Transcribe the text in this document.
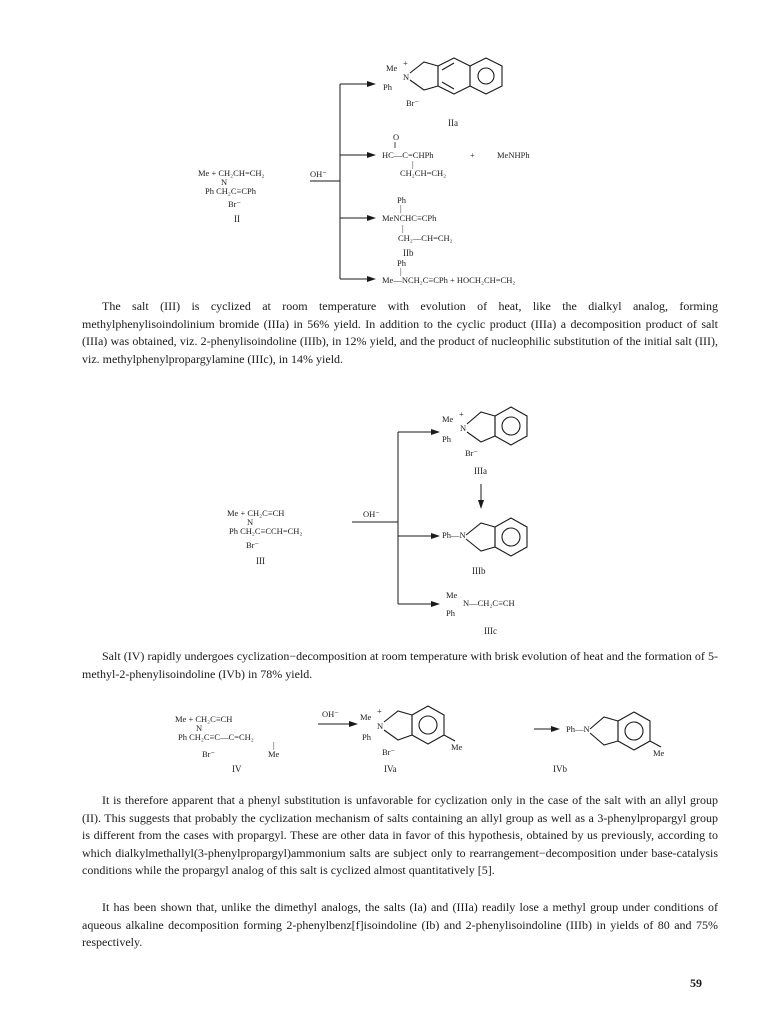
Me + CH₂CH=CH₂
N
Ph CH₂C≡CPh
Br⁻
II
OH⁻
Me +
N
Ph
Br⁻
IIa
O
‖
HC—C=CHPh	+	MeNHPh
|
CH₂CH=CH₂
Ph
|
MeNCHC≡CPh
|
CH₂—CH=CH₂
IIb
Ph
|
Me—NCH₂C≡CPh + HOCH₂CH=CH₂
The salt (III) is cyclized at room temperature with evolution of heat, like the dialkyl analog, forming methylphenylisoindolinium bromide (IIIa) in 56% yield. In addition to the cyclic product (IIIa) a decomposition product of salt (IIIa) was obtained, viz. 2-phenylisoindoline (IIIb), in 12% yield, and the product of nucleophilic substitution of the initial salt (III), viz. methylphenylpropargylamine (IIIc), in 14% yield.
Me + CH₂C≡CH
N
Ph CH₂C≡CCH=CH₂
Br⁻
III
OH⁻
Me +
N
Ph
Br⁻
IIIa
Ph—N
IIIb
Me
N—CH₂C≡CH
Ph
IIIc
Salt (IV) rapidly undergoes cyclization−decomposition at room temperature with brisk evolution of heat and the formation of 5-methyl-2-phenylisoindoline (IVb) in 78% yield.
Me + CH₂C≡CH
N
Ph CH₂C≡C—C=CH₂
|
Me
Br⁻
IV
OH⁻ Me
+
N
Ph
Me
Br⁻
IVa
Ph—N
Me
IVb
It is therefore apparent that a phenyl substitution is unfavorable for cyclization only in the case of the salt with an allyl group (II). This suggests that probably the cyclization mechanism of salts containing an allyl group as well as a 3-phenylpropargyl group is different from the cases with propargyl. These are other data in favor of this hypothesis, obtained by us previously, according to which dialkylmethallyl(3-phenylpropargyl)ammonium salts are subject only to rearrangement−decomposition under base-catalysis conditions while the propargyl analog of this salt is cyclized almost quantitatively [5].
It has been shown that, unlike the dimethyl analogs, the salts (Ia) and (IIIa) readily lose a methyl group under conditions of aqueous alkaline decomposition forming 2-phenylbenz[f]isoindoline (Ib) and 2-phenylisoindoline (IIIb) in yields of 80 and 75% respectively.
59
